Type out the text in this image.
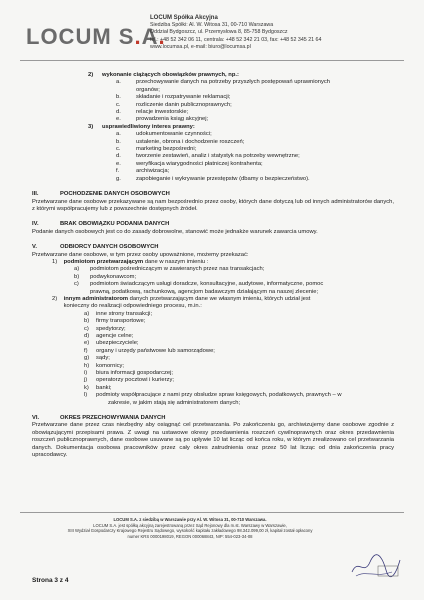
LOCUM S.A.
LOCUM Spółka Akcyjna
Siedziba Spółki: Al. W. Witosa 31, 00-710 Warszawa
Oddział Bydgoszcz, ul. Przemysłowa 8, 85-758 Bydgoszcz
tel.: +48 52 342 06 11, centrala: +48 52 342 21 03, fax: +48 52 345 21 64
www.locumsa.pl, e-mail: biuro@locumsa.pl
2) wykonanie ciążących obowiązków prawnych, np.:
a.	przechowywanie danych na potrzeby przyszłych postępowań uprawnionych
organów;
b.	składanie i rozpatrywanie reklamacji;
c.	rozliczenie danin publicznoprawnych;
d.	relacje inwestorskie;
e.	prowadzenia ksiąg akcyjnej;
3) usprawiedliwiony interes prawny:
a.	udokumentowanie czynności;
b.	ustalenie, obrona i dochodzenie roszczeń;
c.	marketing bezpośredni;
d.	tworzenie zestawień, analiz i statystyk na potrzeby wewnętrzne;
e.	weryfikacja wiarygodności płatniczej kontrahenta;
f.	archiwizacja;
g.	zapobieganie i wykrywanie przestępstw (dbamy o bezpieczeństwo).
III.	POCHODZENIE DANYCH OSOBOWYCH
Przetwarzane dane osobowe przekazywane są nam bezpośrednio przez osoby, których dane dotyczą lub od innych administratorów danych, z którymi współpracujemy lub z powszechnie dostępnych źródeł.
IV.	BRAK OBOWIĄZKU PODANIA DANYCH
Podanie danych osobowych jest co do zasady dobrowolne, stanowić może jednakże warunek zawarcia umowy.
V.	ODBIORCY DANYCH OSOBOWYCH
Przetwarzane dane osobowe, w tym przez osoby upoważnione, możemy przekazać:
1) podmiotom przetwarzającym dane w naszym imieniu :
a) podmiotom pośredniczącym w zawieranych przez nas transakcjach;
b) podwykonawcom;
c) podmiotom świadczącym usługi doradcze, konsultacyjne, audytowe, informatyczne, pomoc
prawną, podatkową, rachunkową, agencjom badawczym działającym na naszej zlecenie;
2) innym administratorom danych przetwarzającym dane we własnym imieniu, których udział jest
konieczny do realizacji odpowiedniego procesu, m.in.:
a) inne strony transakcji;
b) firmy transportowe;
c) spedytorzy;
d) agencje celne;
e) ubezpieczyciele;
f) organy i urzędy państwowe lub samorządowe;
g) sądy;
h) komornicy;
i) biura informacji gospodarczej;
j) operatorzy pocztowi i kurierzy;
k) banki;
l) podmioty współpracujące z nami przy obsłudze spraw księgowych, podatkowych, prawnych – w
zakresie, w jakim stają się administratorem danych;
VI.	OKRES PRZECHOWYWANIA DANYCH
Przetwarzane dane przez czas niezbędny aby osiągnąć cel przetwarzania. Po zakończeniu go, archiwizujemy dane osobowe zgodnie z obowiązującymi przepisami prawa. Z uwagi na ustawowe okresy przedawnienia roszczeń cywilnoprawnych oraz okres przedawnienia roszczeń publicznoprawnych, dane osobowe usuwane są po upływie 10 lat licząc od końca roku, w którym zrealizowano cel przetwarzania danych. Dokumentacja osobowa pracowników przez cały okres zatrudnienia oraz przez 50 lat licząc od dnia zakończenia pracy upracodawcy.
LOCUM S.A. z siedzibą w Warszawie przy Al. W. Witosa 31, 00-710 Warszawa.
LOCUM S.A. jest spółką akcyjną zarejestrowaną przez Sąd Rejonowy dla m.st. Warszawy w Warszawie,
XIII Wydział Gospodarczy Krajowego Rejestru Sądowego, wysokość kapitału zakładowego 98.342.099,00 zł, kapitał został opłacony
numer KRS 0000198019, REGON 000068843, NIP: 554-023-34-08
Strona 3 z 4
